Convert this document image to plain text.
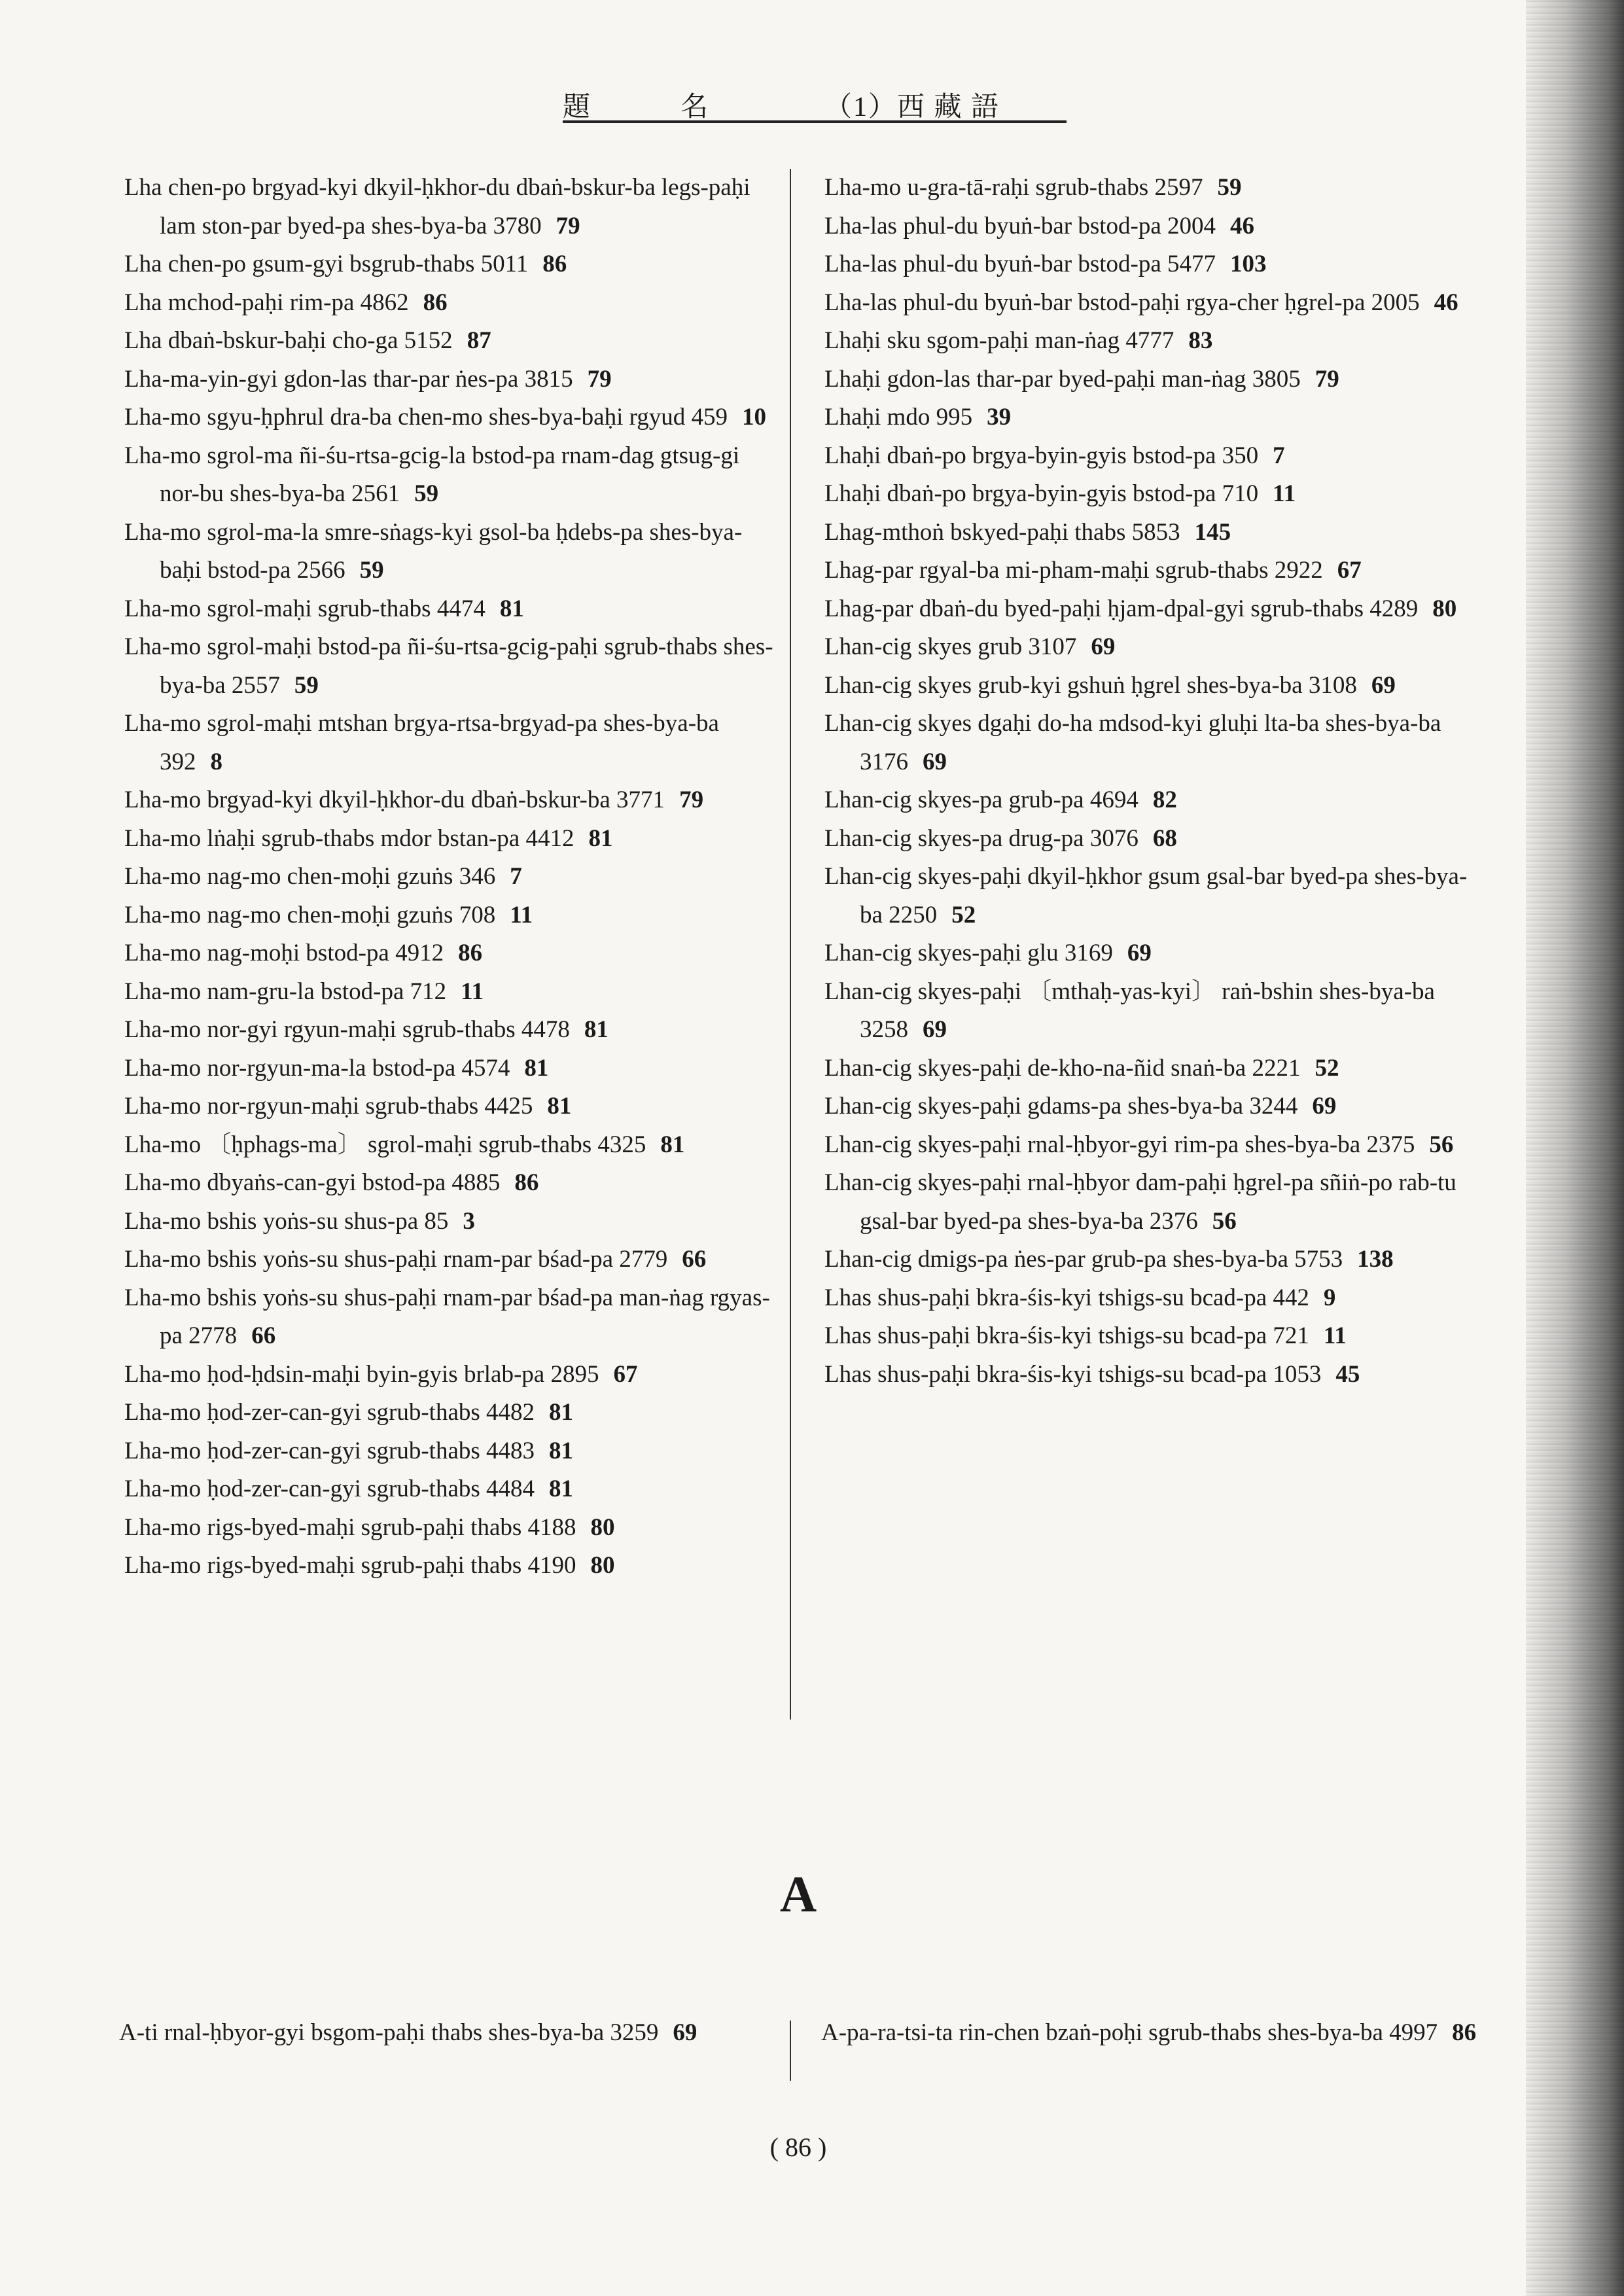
題	名	（1）西 藏 語
Lha chen-po brgyad-kyi dkyil-ḥkhor-du dbaṅ-bskur-ba legs-paḥi lam ston-par byed-pa shes-bya-ba 3780 79
Lha chen-po gsum-gyi bsgrub-thabs 5011 86
Lha mchod-paḥi rim-pa 4862 86
Lha dbaṅ-bskur-baḥi cho-ga 5152 87
Lha-ma-yin-gyi gdon-las thar-par ṅes-pa 3815 79
Lha-mo sgyu-ḥphrul dra-ba chen-mo shes-bya-baḥi rgyud 459 10
Lha-mo sgrol-ma ñi-śu-rtsa-gcig-la bstod-pa rnam-dag gtsug-gi nor-bu shes-bya-ba 2561 59
Lha-mo sgrol-ma-la smre-sṅags-kyi gsol-ba ḥdebs-pa shes-bya-baḥi bstod-pa 2566 59
Lha-mo sgrol-maḥi sgrub-thabs 4474 81
Lha-mo sgrol-maḥi bstod-pa ñi-śu-rtsa-gcig-paḥi sgrub-thabs shes-bya-ba 2557 59
Lha-mo sgrol-maḥi mtshan brgya-rtsa-brgyad-pa shes-bya-ba 392 8
Lha-mo brgyad-kyi dkyil-ḥkhor-du dbaṅ-bskur-ba 3771 79
Lha-mo lṅaḥi sgrub-thabs mdor bstan-pa 4412 81
Lha-mo nag-mo chen-moḥi gzuṅs 346 7
Lha-mo nag-mo chen-moḥi gzuṅs 708 11
Lha-mo nag-moḥi bstod-pa 4912 86
Lha-mo nam-gru-la bstod-pa 712 11
Lha-mo nor-gyi rgyun-maḥi sgrub-thabs 4478 81
Lha-mo nor-rgyun-ma-la bstod-pa 4574 81
Lha-mo nor-rgyun-maḥi sgrub-thabs 4425 81
Lha-mo 〔ḥphags-ma〕 sgrol-maḥi sgrub-thabs 4325 81
Lha-mo dbyaṅs-can-gyi bstod-pa 4885 86
Lha-mo bshis yoṅs-su shus-pa 85 3
Lha-mo bshis yoṅs-su shus-paḥi rnam-par bśad-pa 2779 66
Lha-mo bshis yoṅs-su shus-paḥi rnam-par bśad-pa man-ṅag rgyas-pa 2778 66
Lha-mo ḥod-ḥdsin-maḥi byin-gyis brlab-pa 2895 67
Lha-mo ḥod-zer-can-gyi sgrub-thabs 4482 81
Lha-mo ḥod-zer-can-gyi sgrub-thabs 4483 81
Lha-mo ḥod-zer-can-gyi sgrub-thabs 4484 81
Lha-mo rigs-byed-maḥi sgrub-paḥi thabs 4188 80
Lha-mo rigs-byed-maḥi sgrub-paḥi thabs 4190 80
Lha-mo u-gra-tā-raḥi sgrub-thabs 2597 59
Lha-las phul-du byuṅ-bar bstod-pa 2004 46
Lha-las phul-du byuṅ-bar bstod-pa 5477 103
Lha-las phul-du byuṅ-bar bstod-paḥi rgya-cher ḥgrel-pa 2005 46
Lhaḥi sku sgom-paḥi man-ṅag 4777 83
Lhaḥi gdon-las thar-par byed-paḥi man-ṅag 3805 79
Lhaḥi mdo 995 39
Lhaḥi dbaṅ-po brgya-byin-gyis bstod-pa 350 7
Lhaḥi dbaṅ-po brgya-byin-gyis bstod-pa 710 11
Lhag-mthoṅ bskyed-paḥi thabs 5853 145
Lhag-par rgyal-ba mi-pham-maḥi sgrub-thabs 2922 67
Lhag-par dbaṅ-du byed-paḥi ḥjam-dpal-gyi sgrub-thabs 4289 80
Lhan-cig skyes grub 3107 69
Lhan-cig skyes grub-kyi gshuṅ ḥgrel shes-bya-ba 3108 69
Lhan-cig skyes dgaḥi do-ha mdsod-kyi gluḥi lta-ba shes-bya-ba 3176 69
Lhan-cig skyes-pa grub-pa 4694 82
Lhan-cig skyes-pa drug-pa 3076 68
Lhan-cig skyes-paḥi dkyil-ḥkhor gsum gsal-bar byed-pa shes-bya-ba 2250 52
Lhan-cig skyes-paḥi glu 3169 69
Lhan-cig skyes-paḥi 〔mthaḥ-yas-kyi〕 raṅ-bshin shes-bya-ba 3258 69
Lhan-cig skyes-paḥi de-kho-na-ñid snaṅ-ba 2221 52
Lhan-cig skyes-paḥi gdams-pa shes-bya-ba 3244 69
Lhan-cig skyes-paḥi rnal-ḥbyor-gyi rim-pa shes-bya-ba 2375 56
Lhan-cig skyes-paḥi rnal-ḥbyor dam-paḥi ḥgrel-pa sñiṅ-po rab-tu gsal-bar byed-pa shes-bya-ba 2376 56
Lhan-cig dmigs-pa ṅes-par grub-pa shes-bya-ba 5753 138
Lhas shus-paḥi bkra-śis-kyi tshigs-su bcad-pa 442 9
Lhas shus-paḥi bkra-śis-kyi tshigs-su bcad-pa 721 11
Lhas shus-paḥi bkra-śis-kyi tshigs-su bcad-pa 1053 45
A
A-ti rnal-ḥbyor-gyi bsgom-paḥi thabs shes-bya-ba 3259 69	A-pa-ra-tsi-ta rin-chen bzaṅ-poḥi sgrub-thabs shes-bya-ba 4997 86
( 86 )
